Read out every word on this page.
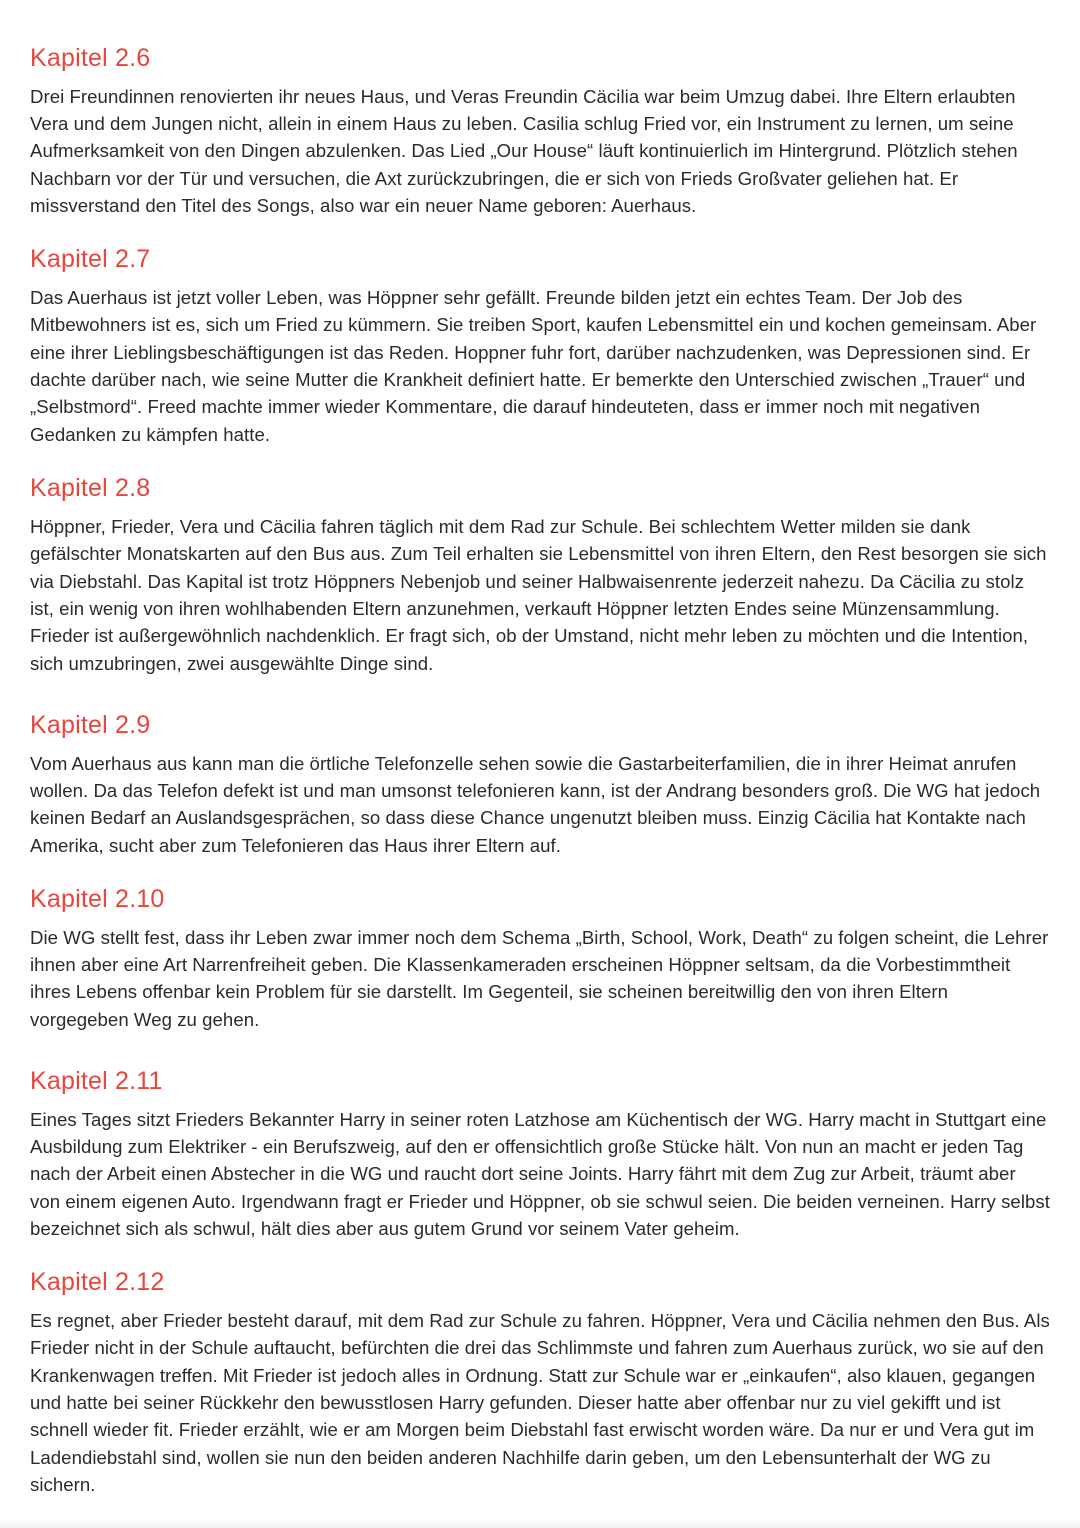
Kapitel 2.6

Drei Freundinnen renovierten ihr neues Haus, und Veras Freundin Cäcilia war beim Umzug dabei. Ihre Eltern erlaubten Vera und dem Jungen nicht, allein in einem Haus zu leben. Casilia schlug Fried vor, ein Instrument zu lernen, um seine Aufmerksamkeit von den Dingen abzulenken. Das Lied „Our House“ läuft kontinuierlich im Hintergrund. Plötzlich stehen Nachbarn vor der Tür und versuchen, die Axt zurückzubringen, die er sich von Frieds Großvater geliehen hat. Er missverstand den Titel des Songs, also war ein neuer Name geboren: Auerhaus.

Kapitel 2.7

Das Auerhaus ist jetzt voller Leben, was Höppner sehr gefällt. Freunde bilden jetzt ein echtes Team. Der Job des Mitbewohners ist es, sich um Fried zu kümmern. Sie treiben Sport, kaufen Lebensmittel ein und kochen gemeinsam. Aber eine ihrer Lieblingsbeschäftigungen ist das Reden. Hoppner fuhr fort, darüber nachzudenken, was Depressionen sind. Er dachte darüber nach, wie seine Mutter die Krankheit definiert hatte. Er bemerkte den Unterschied zwischen „Trauer“ und „Selbstmord“. Freed machte immer wieder Kommentare, die darauf hindeuteten, dass er immer noch mit negativen Gedanken zu kämpfen hatte.

Kapitel 2.8

Höppner, Frieder, Vera und Cäcilia fahren täglich mit dem Rad zur Schule. Bei schlechtem Wetter milden sie dank gefälschter Monatskarten auf den Bus aus. Zum Teil erhalten sie Lebensmittel von ihren Eltern, den Rest besorgen sie sich via Diebstahl. Das Kapital ist trotz Höppners Nebenjob und seiner Halbwaisenrente jederzeit nahezu. Da Cäcilia zu stolz ist, ein wenig von ihren wohlhabenden Eltern anzunehmen, verkauft Höppner letzten Endes seine Münzensammlung. Frieder ist außergewöhnlich nachdenklich. Er fragt sich, ob der Umstand, nicht mehr leben zu möchten und die Intention, sich umzubringen, zwei ausgewählte Dinge sind.

Kapitel 2.9

Vom Auerhaus aus kann man die örtliche Telefonzelle sehen sowie die Gastarbeiterfamilien, die in ihrer Heimat anrufen wollen. Da das Telefon defekt ist und man umsonst telefonieren kann, ist der Andrang besonders groß. Die WG hat jedoch keinen Bedarf an Auslandsgesprächen, so dass diese Chance ungenutzt bleiben muss. Einzig Cäcilia hat Kontakte nach Amerika, sucht aber zum Telefonieren das Haus ihrer Eltern auf.

Kapitel 2.10

Die WG stellt fest, dass ihr Leben zwar immer noch dem Schema „Birth, School, Work, Death“ zu folgen scheint, die Lehrer ihnen aber eine Art Narrenfreiheit geben. Die Klassenkameraden erscheinen Höppner seltsam, da die Vorbestimmtheit ihres Lebens offenbar kein Problem für sie darstellt. Im Gegenteil, sie scheinen bereitwillig den von ihren Eltern vorgegeben Weg zu gehen.

Kapitel 2.11

Eines Tages sitzt Frieders Bekannter Harry in seiner roten Latzhose am Küchentisch der WG. Harry macht in Stuttgart eine Ausbildung zum Elektriker - ein Berufszweig, auf den er offensichtlich große Stücke hält. Von nun an macht er jeden Tag nach der Arbeit einen Abstecher in die WG und raucht dort seine Joints. Harry fährt mit dem Zug zur Arbeit, träumt aber von einem eigenen Auto. Irgendwann fragt er Frieder und Höppner, ob sie schwul seien. Die beiden verneinen. Harry selbst bezeichnet sich als schwul, hält dies aber aus gutem Grund vor seinem Vater geheim.

Kapitel 2.12

Es regnet, aber Frieder besteht darauf, mit dem Rad zur Schule zu fahren. Höppner, Vera und Cäcilia nehmen den Bus. Als Frieder nicht in der Schule auftaucht, befürchten die drei das Schlimmste und fahren zum Auerhaus zurück, wo sie auf den Krankenwagen treffen. Mit Frieder ist jedoch alles in Ordnung. Statt zur Schule war er „einkaufen“, also klauen, gegangen und hatte bei seiner Rückkehr den bewusstlosen Harry gefunden. Dieser hatte aber offenbar nur zu viel gekifft und ist schnell wieder fit. Frieder erzählt, wie er am Morgen beim Diebstahl fast erwischt worden wäre. Da nur er und Vera gut im Ladendiebstahl sind, wollen sie nun den beiden anderen Nachhilfe darin geben, um den Lebensunterhalt der WG zu sichern.
